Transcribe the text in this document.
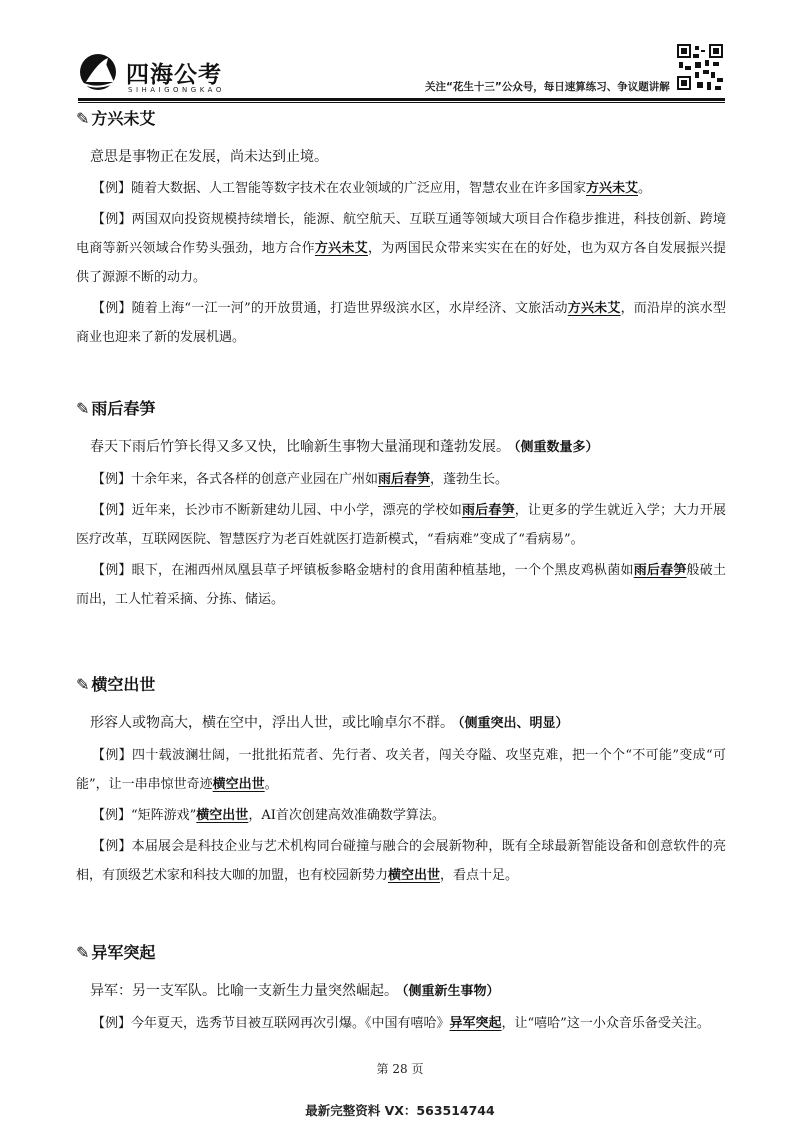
四海公考
SIHAIGONGKAO	关注“花生十三”公众号，每日速算练习、争议题讲解
✎ 方兴未艾

意思是事物正在发展，尚未达到止境。

【例】随着大数据、人工智能等数字技术在农业领域的广泛应用，智慧农业在许多国家方兴未艾。

【例】两国双向投资规模持续增长，能源、航空航天、互联互通等领域大项目合作稳步推进，科技创新、跨境电商等新兴领域合作势头强劲，地方合作方兴未艾，为两国民众带来实实在在的好处，也为双方各自发展振兴提供了源源不断的动力。

【例】随着上海“一江一河”的开放贯通，打造世界级滨水区，水岸经济、文旅活动方兴未艾，而沿岸的滨水型商业也迎来了新的发展机遇。

✎ 雨后春笋

春天下雨后竹笋长得又多又快，比喻新生事物大量涌现和蓬勃发展。 （侧重数量多）

【例】十余年来，各式各样的创意产业园在广州如雨后春笋，蓬勃生长。

【例】近年来，长沙市不断新建幼儿园、中小学，漂亮的学校如雨后春笋，让更多的学生就近入学；大力开展医疗改革，互联网医院、智慧医疗为老百姓就医打造新模式，“看病难”变成了“看病易”。

【例】眼下，在湘西州凤凰县草子坪镇板参略金塘村的食用菌种植基地，一个个黑皮鸡枞菌如雨后春笋般破土而出，工人忙着采摘、分拣、储运。

✎ 横空出世

形容人或物高大，横在空中，浮出人世，或比喻卓尔不群。 （侧重突出、明显）

【例】四十载波澜壮阔，一批批拓荒者、先行者、攻关者，闯关夺隘、攻坚克难，把一个个“不可能”变成“可能”，让一串串惊世奇迹横空出世。

【例】“矩阵游戏”横空出世，AI首次创建高效准确数学算法。

【例】本届展会是科技企业与艺术机构同台碰撞与融合的会展新物种，既有全球最新智能设备和创意软件的亮相，有顶级艺术家和科技大咖的加盟，也有校园新势力横空出世，看点十足。

✎ 异军突起

异军：另一支军队。比喻一支新生力量突然崛起。 （侧重新生事物）

【例】今年夏天，选秀节目被互联网再次引爆。《中国有嘻哈》异军突起，让“嘻哈”这一小众音乐备受关注。

第 28 页
最新完整资料 VX：563514744
